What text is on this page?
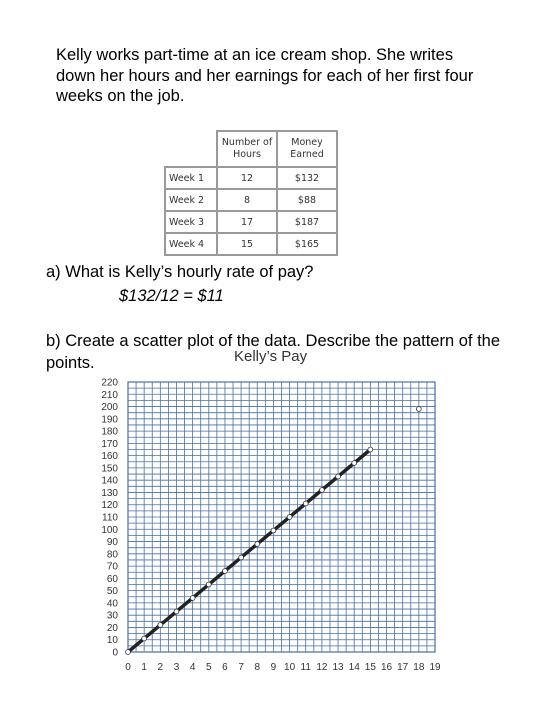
Kelly works part-time at an ice cream shop. She writes down her hours and her earnings for each of her first four weeks on the job.

	Number of Hours	Money Earned
Week 1	12	$132
Week 2	8	$88
Week 3	17	$187
Week 4	15	$165

a) What is Kelly’s hourly rate of pay?

$132/12 = $11

b) Create a scatter plot of the data. Describe the pattern of the points.	Kelly’s Pay
0
10
20
30
40
50
60
70
80
90
100
110
120
130
140
150
160
170
180
190
200
210
220
0 1 2 3 4 5 6 7 8 9 10 11 12 13 14 15 16 17 18 19
